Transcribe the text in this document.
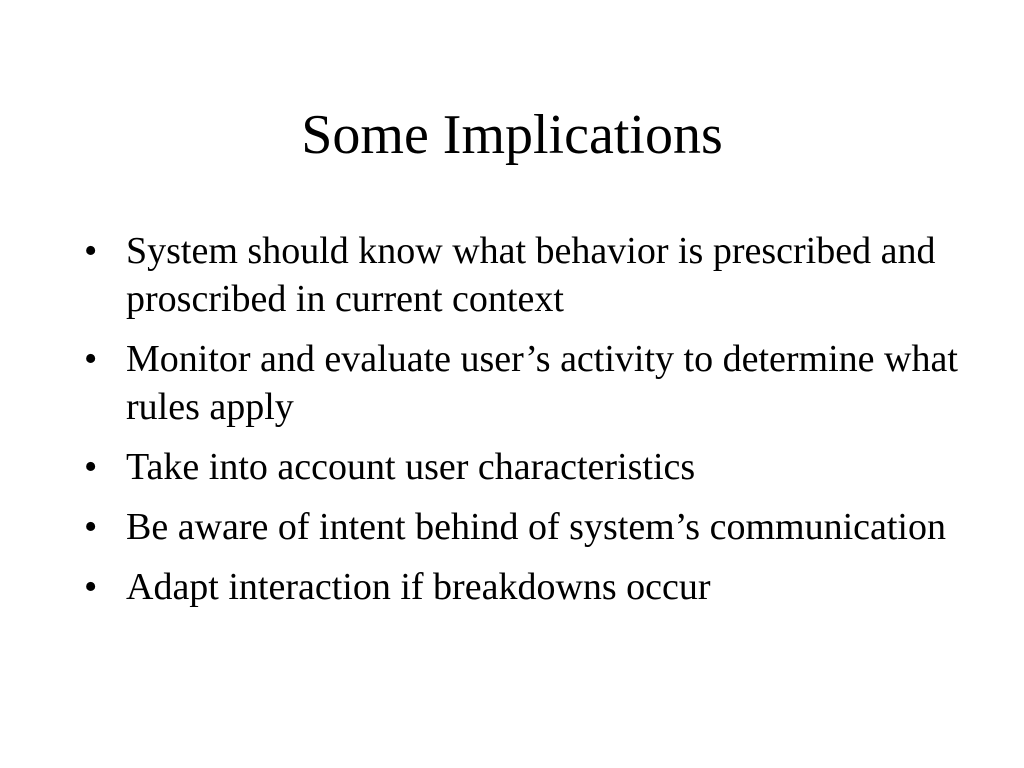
Some Implications
• System should know what behavior is prescribed and proscribed in current context
• Monitor and evaluate user’s activity to determine what rules apply
• Take into account user characteristics
• Be aware of intent behind of system’s communication
• Adapt interaction if breakdowns occur
